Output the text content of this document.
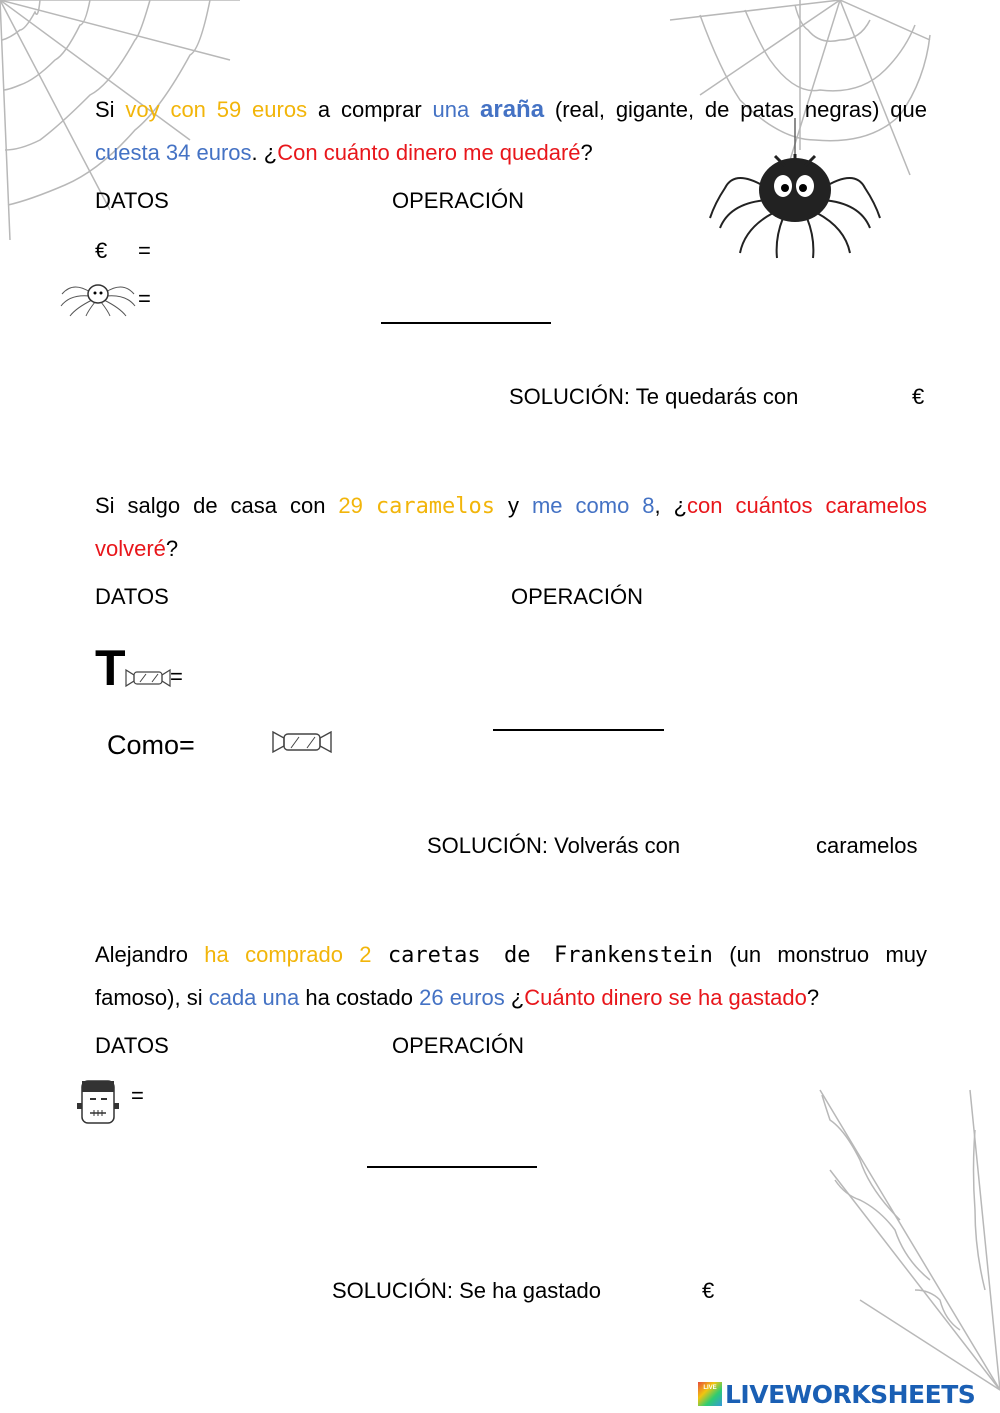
Si voy con 59 euros a comprar una araña (real, gigante, de patas negras) que
cuesta 34 euros. ¿Con cuánto dinero me quedaré?
DATOS	OPERACIÓN
€ =
=
SOLUCIÓN: Te quedarás con	€
Si salgo de casa con 29 caramelos y me como 8, ¿con cuántos caramelos
volveré?
DATOS	OPERACIÓN
T =
Como=
SOLUCIÓN: Volverás con	caramelos
Alejandro ha comprado 2 caretas de Frankenstein (un monstruo muy
famoso), si cada una ha costado 26 euros ¿Cuánto dinero se ha gastado?
DATOS	OPERACIÓN
=
SOLUCIÓN: Se ha gastado	€
LIVE LIVEWORKSHEETS
